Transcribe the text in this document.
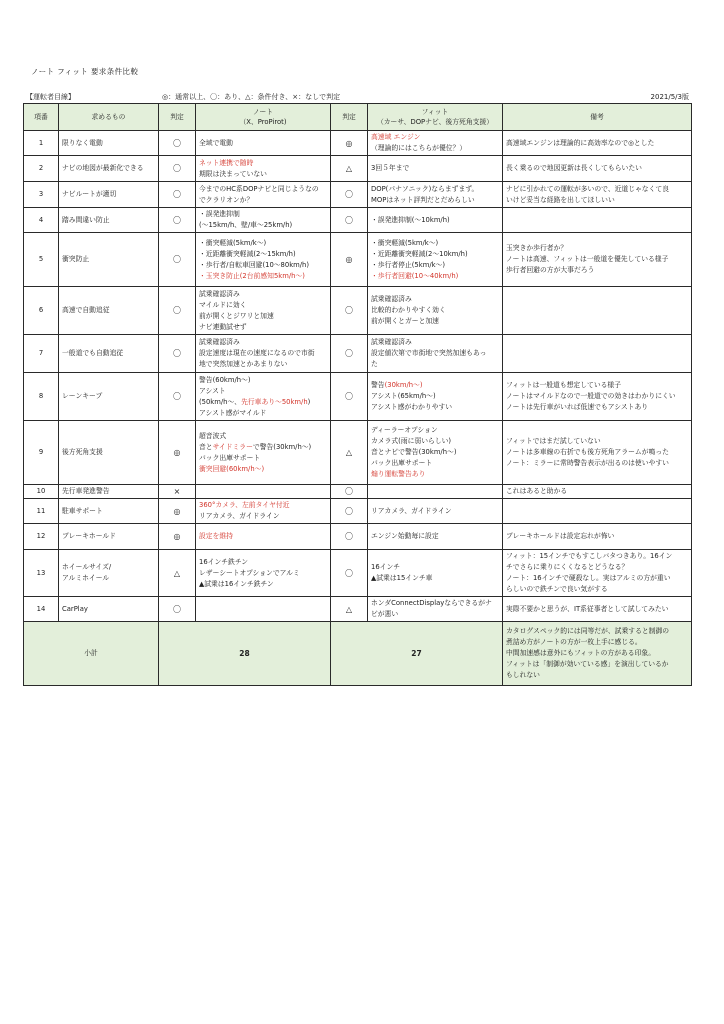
ノート フィット 要求条件比較
【運転者目線】	◎：通常以上、〇：あり、△：条件付き、×：なしで判定	2021/5/3版
項番	求めるもの	判定	ノート
（X、ProPirot)	判定	フィット
（カーサ、DOPナビ、後方死角支援）	備考
1	限りなく電動	〇	全域で電動	◎	高速域 エンジン
（理論的にはこちらが優位？）	高速域エンジンは理論的に高効率なので◎とした

2	ナビの地図が最新化できる	〇	ネット連携で随時
期限は決まっていない	△	3回５年まで	長く乗るので地図更新は長くしてもらいたい

3	ナビルートが適切	〇	今までのHC系DOPナビと同じようなの
でクラリオンか？	〇	DOP(パナソニック)ならまずまず。
MOPはネット評判だとだめらしい	ナビに引かれての運転が多いので、近道じゃなくて良
いけど妥当な経路を出してほしいい

4	踏み間違い防止	〇	・誤発進抑制
(〜15km/h、壁/車〜25km/h)	〇	・誤発進抑制(〜10km/h)	

5	衝突防止	〇	・衝突軽減(5km/k〜)
・近距離衝突軽減(2〜15km/h)
・歩行者/自転車回避(10〜80km/h)
・玉突き防止(2台前感知5km/h〜)	◎	・衝突軽減(5km/k〜)
・近距離衝突軽減(2〜10km/h)
・歩行者停止(5km/k〜)
・歩行者回避(10〜40km/h)	玉突きか歩行者か？
ノートは高速、フィットは一般道を優先している様子
歩行者回避の方が大事だろう

6	高速で自動追従	〇	試乗確認済み
マイルドに効く
前が開くとジワリと加速
ナビ連動試せず	〇	試乗確認済み
比較的わかりやすく効く
前が開くとガーと加速	

7	一般道でも自動追従	〇	試乗確認済み
設定速度は現在の速度になるので市街
地で突然加速とかあまりない	〇	試乗確認済み
設定値次第で市街地で突然加速もあっ
た	

8	レーンキープ	〇	警告(60km/h〜)
アシスト
(50km/h〜、先行車あり〜50km/h)
アシスト感がマイルド	〇	警告(30km/h〜)
アシスト(65km/h〜)
アシスト感がわかりやすい	フィットは一般道も想定している様子
ノートはマイルドなので一般道での効きはわかりにくい
ノートは先行車がいれば低速でもアシストあり

9	後方死角支援	◎	超音波式
音とサイドミラーで警告(30km/h〜)
バック出庫サポート
衝突回避(60km/h〜)	△	ディーラーオプション
カメラ式(雨に弱いらしい)
音とナビで警告(30km/h〜)
バック出庫サポート
煽り運転警告あり	フィットではまだ試していない
ノートは多車線の右折でも後方死角アラームが鳴った
ノート：ミラーに常時警告表示が出るのは使いやすい

10	先行車発進警告	×		〇		これはあると助かる

11	駐車サポート	◎	360°カメラ、左前タイヤ付近
リアカメラ、ガイドライン	〇	リアカメラ、ガイドライン	

12	ブレーキホールド	◎	設定を維持	〇	エンジン始動毎に設定	ブレーキホールドは設定忘れが怖い

13	ホイールサイズ/
アルミホイール	△	16インチ鉄チン
レザーシートオプションでアルミ
▲試乗は16インチ鉄チン	〇	16インチ
▲試乗は15インチ車	フィット：15インチでもすこしバタつきあり。16イン
チでさらに乗りにくくなるとどうなる？
ノート：16インチで硬殺なし。実はアルミの方が重い
らしいので鉄チンで良い気がする

14	CarPlay	〇		△	ホンダConnectDisplayならできるがナ
ビが悪い	実際不要かと思うが、IT系従事者として試してみたい

小計		28		27		カタログスペック的には同等だが、試乗すると制御の
煮詰め方がノートの方が一枚上手に感じる。
中間加速感は意外にもフィットの方がある印象。
フィットは「制御が効いている感」を演出しているか
もしれない
